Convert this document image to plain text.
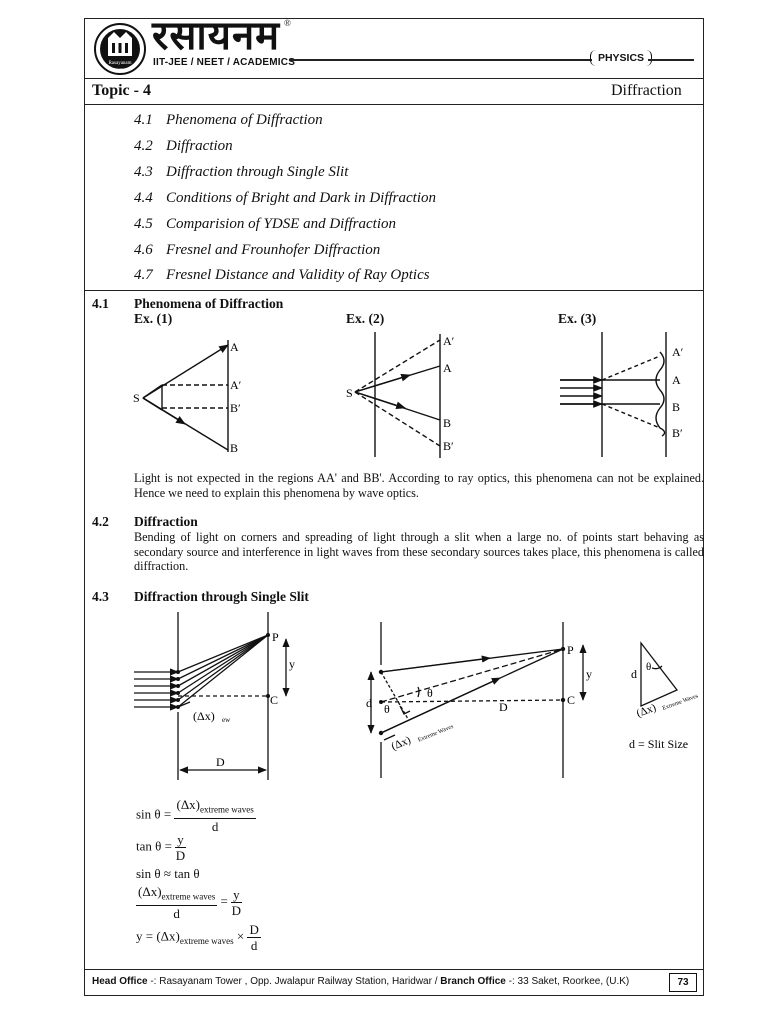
Rasayanam
Educational
रसायनम ®
IIT-JEE / NEET / ACADEMICS	PHYSICS
Topic - 4	Diffraction
4.1 Phenomena of Diffraction
4.2 Diffraction
4.3 Diffraction through Single Slit
4.4 Conditions of Bright and Dark in Diffraction
4.5 Comparision of YDSE and Diffraction
4.6 Fresnel and Frounhofer Diffraction
4.7 Fresnel Distance and Validity of Ray Optics
4.1 Phenomena of Diffraction
Ex. (1)	Ex. (2)	Ex. (3)
S
A
A′
B′
B
S
A′
A
B
B′
A′
A
B
B′
P
C
y
D
(Δx) ew
P
C
y
d	D
θ
θ
(Δx) Extreme Waves
d θ
(Δx) Extreme Waves
d = Slit Size
Light is not expected in the regions AA' and BB'. According to ray optics, this phenomena can not be explained. Hence we need to explain this phenomena by wave optics.
4.2 Diffraction
Bending of light on corners and spreading of light through a slit when a large no. of points start behaving as secondary source and interference in light waves from these secondary sources takes place, this phenomena is called diffraction.
4.3 Diffraction through Single Slit
$\sin \theta = \frac{(\Delta x)_{extreme waves}}{d}$
$\tan \theta = \frac{y}{D}$
sin θ ≈ tan θ
$\frac{(\Delta x)_{extreme waves}}{d} = \frac{y}{D}$
$y = (\Delta x)_{extreme waves} \times \frac{D}{d}$
Head Office -: Rasayanam Tower , Opp. Jwalapur Railway Station, Haridwar / Branch Office -: 33 Saket, Roorkee, (U.K)	73
